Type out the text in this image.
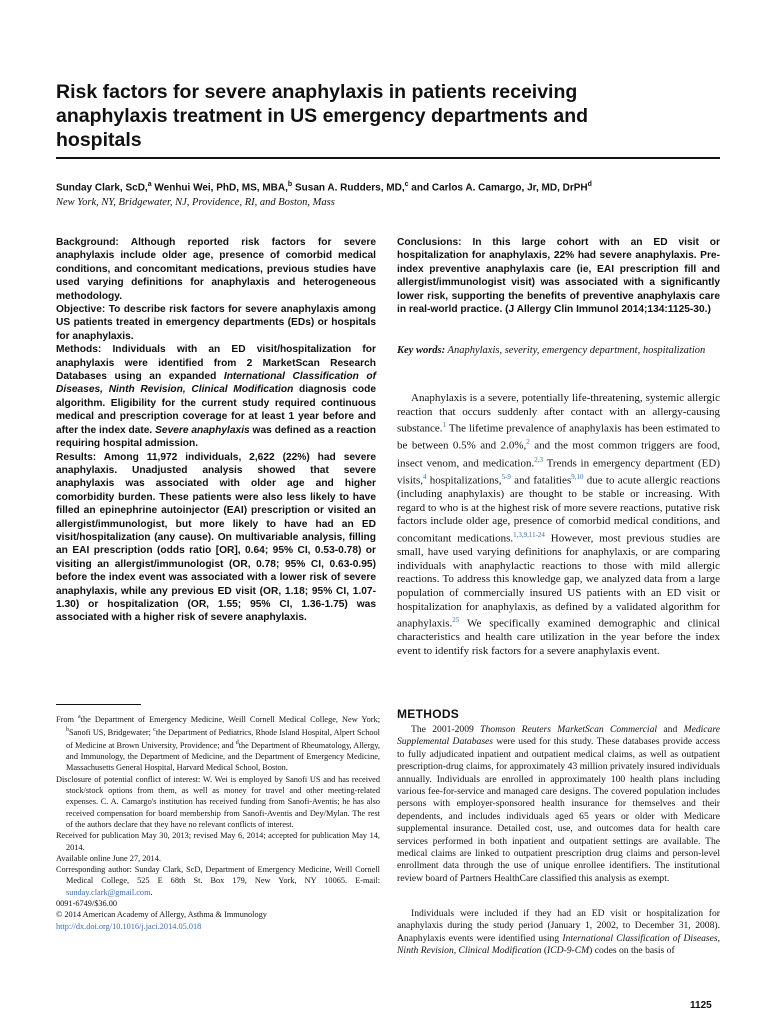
Risk factors for severe anaphylaxis in patients receiving anaphylaxis treatment in US emergency departments and hospitals
Sunday Clark, ScD,$^a$ Wenhui Wei, PhD, MS, MBA,$^b$ Susan A. Rudders, MD,$^c$ and Carlos A. Camargo, Jr, MD, DrPH$^d$
New York, NY, Bridgewater, NJ, Providence, RI, and Boston, Mass

Background: Although reported risk factors for severe anaphylaxis include older age, presence of comorbid medical conditions, and concomitant medications, previous studies have used varying definitions for anaphylaxis and heterogeneous methodology.

Objective: To describe risk factors for severe anaphylaxis among US patients treated in emergency departments (EDs) or hospitals for anaphylaxis.

Methods: Individuals with an ED visit/hospitalization for anaphylaxis were identified from 2 MarketScan Research Databases using an expanded International Classification of Diseases, Ninth Revision, Clinical Modification diagnosis code algorithm. Eligibility for the current study required continuous medical and prescription coverage for at least 1 year before and after the index date. Severe anaphylaxis was defined as a reaction requiring hospital admission.

Results: Among 11,972 individuals, 2,622 (22%) had severe anaphylaxis. Unadjusted analysis showed that severe anaphylaxis was associated with older age and higher comorbidity burden. These patients were also less likely to have filled an epinephrine autoinjector (EAI) prescription or visited an allergist/immunologist, but more likely to have had an ED visit/hospitalization (any cause). On multivariable analysis, filling an EAI prescription (odds ratio [OR], 0.64; 95% CI, 0.53-0.78) or visiting an allergist/immunologist (OR, 0.78; 95% CI, 0.63-0.95) before the index event was associated with a lower risk of severe anaphylaxis, while any previous ED visit (OR, 1.18; 95% CI, 1.07-1.30) or hospitalization (OR, 1.55; 95% CI, 1.36-1.75) was associated with a higher risk of severe anaphylaxis.

Conclusions: In this large cohort with an ED visit or hospitalization for anaphylaxis, 22% had severe anaphylaxis. Pre-index preventive anaphylaxis care (ie, EAI prescription fill and allergist/immunologist visit) was associated with a significantly lower risk, supporting the benefits of preventive anaphylaxis care in real-world practice. (J Allergy Clin Immunol 2014;134:1125-30.)

Key words: Anaphylaxis, severity, emergency department, hospitalization

Anaphylaxis is a severe, potentially life-threatening, systemic allergic reaction that occurs suddenly after contact with an allergy-causing substance.$^1$ The lifetime prevalence of anaphylaxis has been estimated to be between 0.5% and 2.0%,$^2$ and the most common triggers are food, insect venom, and medication.$^{2,3}$ Trends in emergency department (ED) visits,$^4$ hospitalizations,$^{5-9}$ and fatalities$^{9,10}$ due to acute allergic reactions (including anaphylaxis) are thought to be stable or increasing. With regard to who is at the highest risk of more severe reactions, putative risk factors include older age, presence of comorbid medical conditions, and concomitant medications.$^{1,3,9,11-24}$ However, most previous studies are small, have used varying definitions for anaphylaxis, or are comparing individuals with anaphylactic reactions to those with mild allergic reactions. To address this knowledge gap, we analyzed data from a large population of commercially insured US patients with an ED visit or hospitalization for anaphylaxis, as defined by a validated algorithm for anaphylaxis.$^{25}$ We specifically examined demographic and clinical characteristics and health care utilization in the year before the index event to identify risk factors for a severe anaphylaxis event.

From $^a$the Department of Emergency Medicine, Weill Cornell Medical College, New York; $^b$Sanofi US, Bridgewater; $^c$the Department of Pediatrics, Rhode Island Hospital, Alpert School of Medicine at Brown University, Providence; and $^d$the Department of Rheumatology, Allergy, and Immunology, the Department of Medicine, and the Department of Emergency Medicine, Massachusetts General Hospital, Harvard Medical School, Boston.

Disclosure of potential conflict of interest: W. Wei is employed by Sanofi US and has received stock/stock options from them, as well as money for travel and other meeting-related expenses. C. A. Camargo's institution has received funding from Sanofi-Aventis; he has also received compensation for board membership from Sanofi-Aventis and Dey/Mylan. The rest of the authors declare that they have no relevant conflicts of interest.

Received for publication May 30, 2013; revised May 6, 2014; accepted for publication May 14, 2014.

Available online June 27, 2014.

Corresponding author: Sunday Clark, ScD, Department of Emergency Medicine, Weill Cornell Medical College, 525 E 68th St. Box 179, New York, NY 10065. E-mail: sunday.clark@gmail.com.

0091-6749/$36.00

© 2014 American Academy of Allergy, Asthma & Immunology

http://dx.doi.org/10.1016/j.jaci.2014.05.018

METHODS

The 2001-2009 Thomson Reuters MarketScan Commercial and Medicare Supplemental Databases were used for this study. These databases provide access to fully adjudicated inpatient and outpatient medical claims, as well as outpatient prescription-drug claims, for approximately 43 million privately insured individuals annually. Individuals are enrolled in approximately 100 health plans including various fee-for-service and managed care designs. The covered population includes persons with employer-sponsored health insurance for themselves and their dependents, and includes individuals aged 65 years or older with Medicare supplemental insurance. Detailed cost, use, and outcomes data for health care services performed in both inpatient and outpatient settings are available. The medical claims are linked to outpatient prescription drug claims and person-level enrollment data through the use of unique enrollee identifiers. The institutional review board of Partners HealthCare classified this analysis as exempt.

Individuals were included if they had an ED visit or hospitalization for anaphylaxis during the study period (January 1, 2002, to December 31, 2008). Anaphylaxis events were identified using International Classification of Diseases, Ninth Revision, Clinical Modification (ICD-9-CM) codes on the basis of

1125
